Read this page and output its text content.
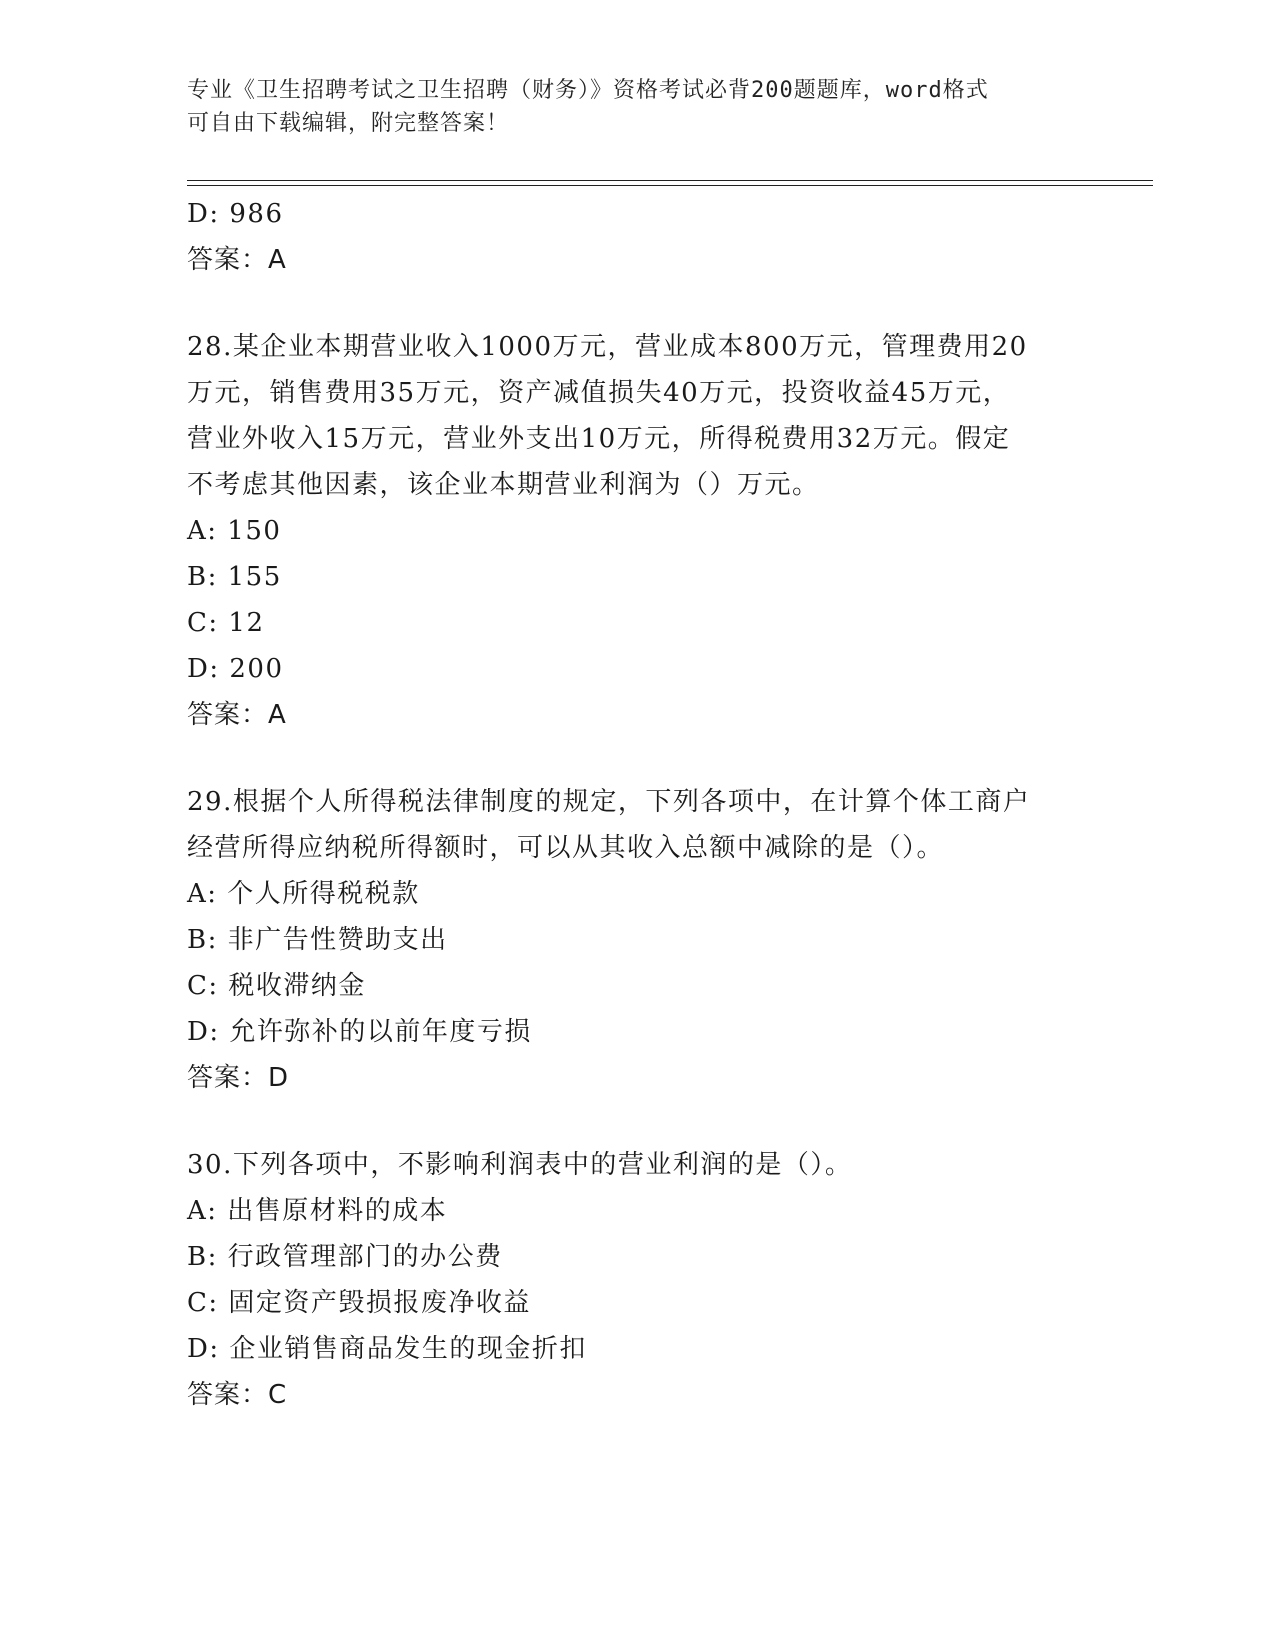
专业《卫生招聘考试之卫生招聘（财务）》资格考试必背200题题库，word格式
可自由下载编辑，附完整答案！
D: 986
答案：A
28.某企业本期营业收入1000万元，营业成本800万元，管理费用20
万元，销售费用35万元，资产减值损失40万元，投资收益45万元，
营业外收入15万元，营业外支出10万元，所得税费用32万元。假定
不考虑其他因素，该企业本期营业利润为（）万元。
A: 150
B: 155
C: 12
D: 200
答案：A
29.根据个人所得税法律制度的规定，下列各项中，在计算个体工商户
经营所得应纳税所得额时，可以从其收入总额中减除的是（）。
A: 个人所得税税款
B: 非广告性赞助支出
C: 税收滞纳金
D: 允许弥补的以前年度亏损
答案：D
30.下列各项中，不影响利润表中的营业利润的是（）。
A: 出售原材料的成本
B: 行政管理部门的办公费
C: 固定资产毁损报废净收益
D: 企业销售商品发生的现金折扣
答案：C
